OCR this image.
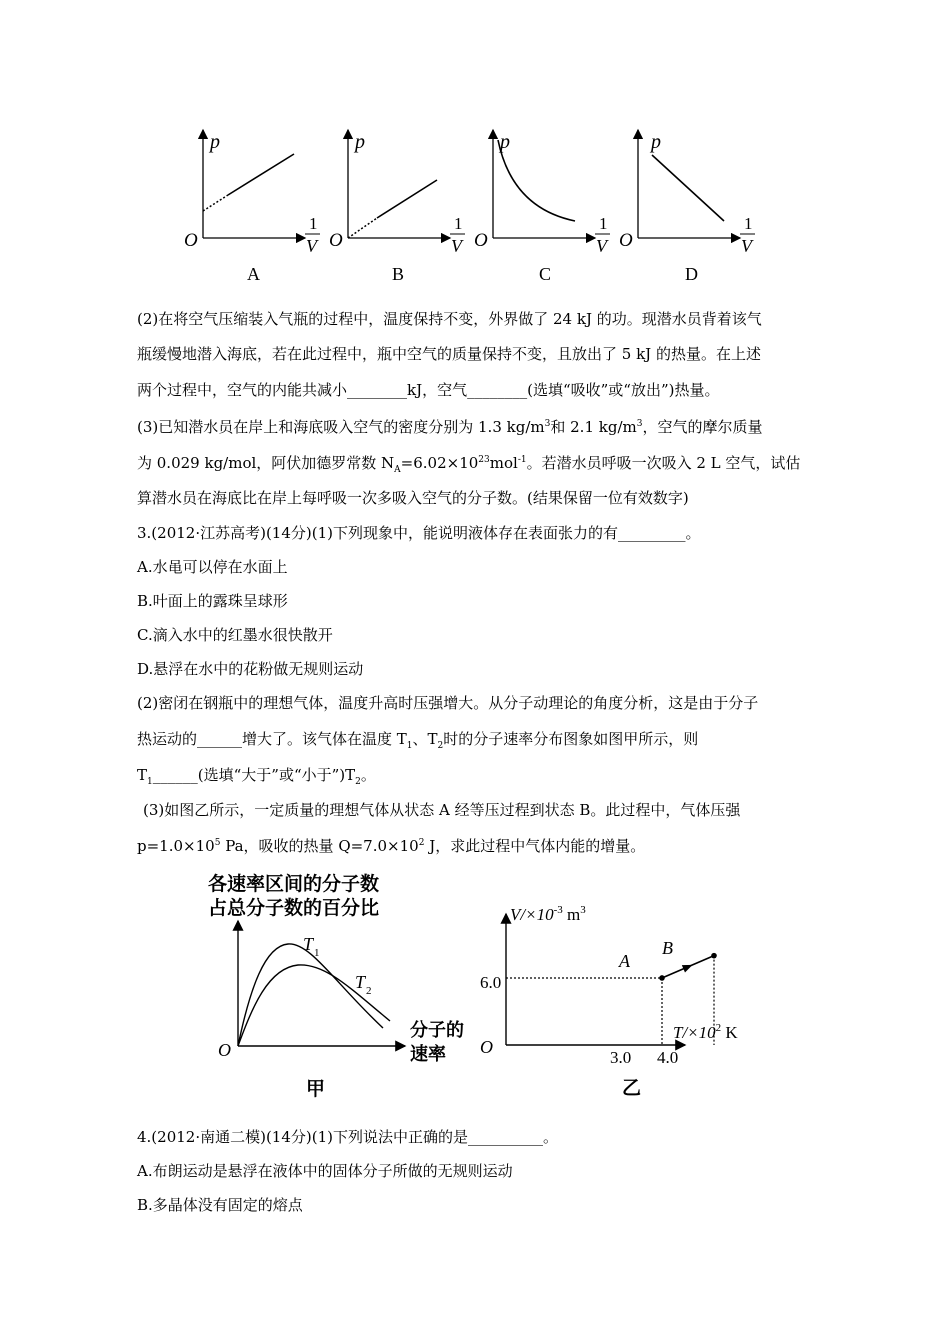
p
O
1
V
A
p
O
1
V
B
p
O
1
V
C
p
O
1
V
D
(2)在将空气压缩装入气瓶的过程中，温度保持不变，外界做了 24 kJ 的功。现潜水员背着该气
瓶缓慢地潜入海底，若在此过程中，瓶中空气的质量保持不变，且放出了 5 kJ 的热量。在上述
两个过程中，空气的内能共减小________kJ，空气________(选填“吸收”或“放出”)热量。
(3)已知潜水员在岸上和海底吸入空气的密度分别为 1.3 $kg/m^3$和 2.1 $kg/m^3$，空气的摩尔质量
为 0.029 kg/mol，阿伏加德罗常数 $N_A=6.02\times 10^{23}mol^{-1}$。若潜水员呼吸一次吸入 2 L 空气，试估
算潜水员在海底比在岸上每呼吸一次多吸入空气的分子数。(结果保留一位有效数字)
3.(2012·江苏高考)(14分)(1)下列现象中，能说明液体存在表面张力的有_________。
A.水黾可以停在水面上
B.叶面上的露珠呈球形
C.滴入水中的红墨水很快散开
D.悬浮在水中的花粉做无规则运动
(2)密闭在钢瓶中的理想气体，温度升高时压强增大。从分子动理论的角度分析，这是由于分子
热运动的______增大了。该气体在温度 $T_1$、$T_2$时的分子速率分布图象如图甲所示，则
$T_1\_\_\_\_\_\_$(选填“大于”或“小于$”)T_2$。
(3)如图乙所示，一定质量的理想气体从状态 A 经等压过程到状态 B。此过程中，气体压强
$p=1.0\times 10^5$ Pa，吸收的热量 $Q=7.0\times 10^2$ J，求此过程中气体内能的增量。
各速率区间的分子数
占总分子数的百分比
T 1
T 2
分子的
速率
O
甲
$V/\times 10^{-3}$ $m^3$
$T/\times 10^2$ K
6.0
3.0 4.0
O
A
B
乙
4.(2012·南通二模)(14分)(1)下列说法中正确的是__________。
A.布朗运动是悬浮在液体中的固体分子所做的无规则运动
B.多晶体没有固定的熔点
